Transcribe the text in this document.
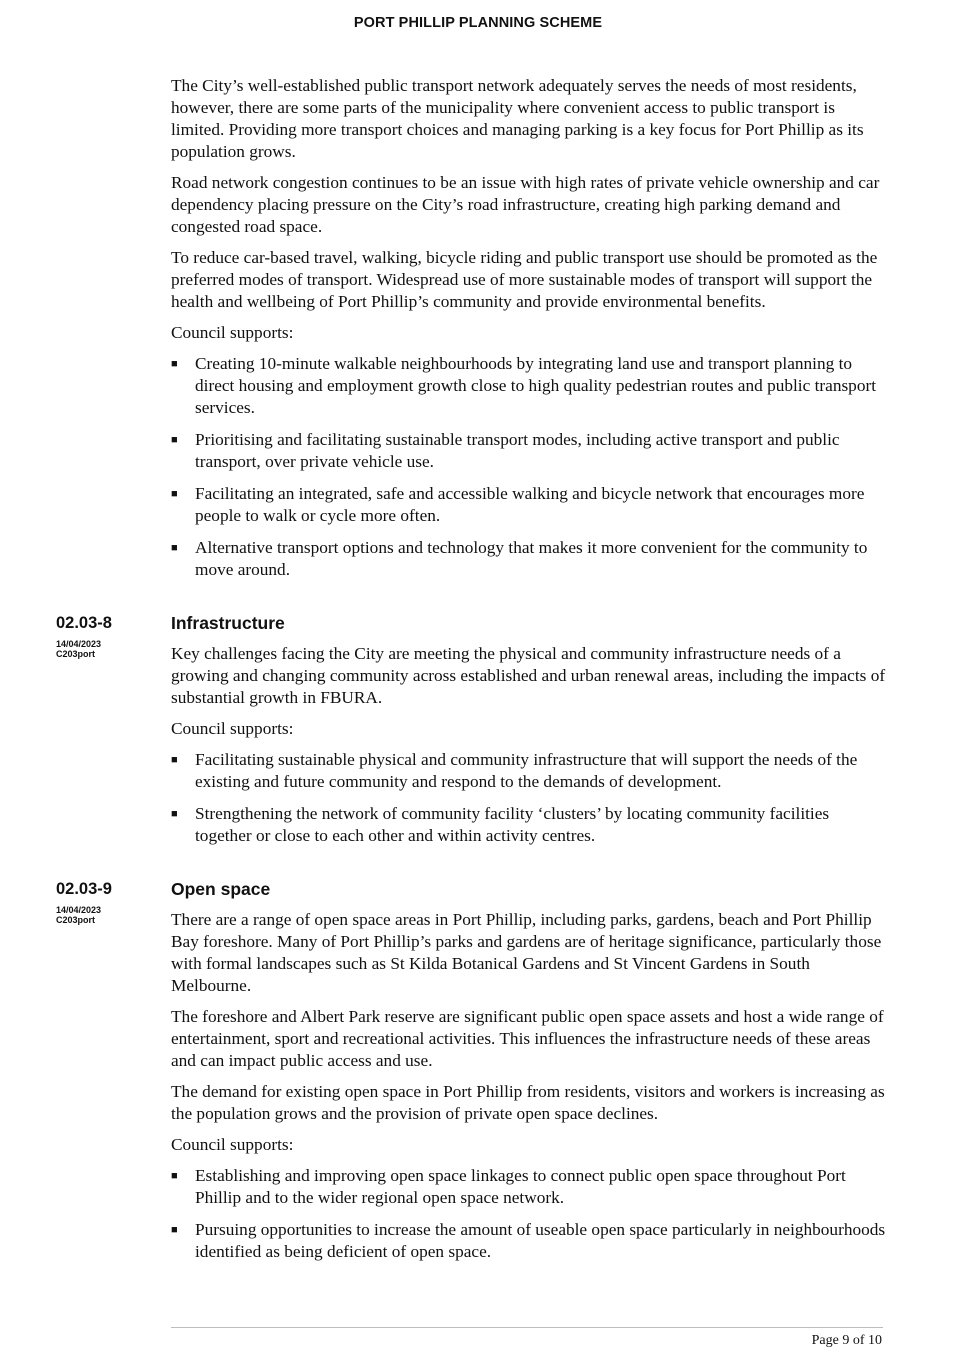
PORT PHILLIP PLANNING SCHEME

The City’s well-established public transport network adequately serves the needs of most residents, however, there are some parts of the municipality where convenient access to public transport is limited. Providing more transport choices and managing parking is a key focus for Port Phillip as its population grows.

Road network congestion continues to be an issue with high rates of private vehicle ownership and car dependency placing pressure on the City’s road infrastructure, creating high parking demand and congested road space.

To reduce car-based travel, walking, bicycle riding and public transport use should be promoted as the preferred modes of transport. Widespread use of more sustainable modes of transport will support the health and wellbeing of Port Phillip’s community and provide environmental benefits.

Council supports:

■ Creating 10-minute walkable neighbourhoods by integrating land use and transport planning to direct housing and employment growth close to high quality pedestrian routes and public transport services.
■ Prioritising and facilitating sustainable transport modes, including active transport and public transport, over private vehicle use.
■ Facilitating an integrated, safe and accessible walking and bicycle network that encourages more people to walk or cycle more often.
■ Alternative transport options and technology that makes it more convenient for the community to move around.
02.03-8
14/04/2023
C203port
Infrastructure

Key challenges facing the City are meeting the physical and community infrastructure needs of a growing and changing community across established and urban renewal areas, including the impacts of substantial growth in FBURA.

Council supports:

■ Facilitating sustainable physical and community infrastructure that will support the needs of the existing and future community and respond to the demands of development.
■ Strengthening the network of community facility ‘clusters’ by locating community facilities together or close to each other and within activity centres.
02.03-9
14/04/2023
C203port
Open space

There are a range of open space areas in Port Phillip, including parks, gardens, beach and Port Phillip Bay foreshore. Many of Port Phillip’s parks and gardens are of heritage significance, particularly those with formal landscapes such as St Kilda Botanical Gardens and St Vincent Gardens in South Melbourne.

The foreshore and Albert Park reserve are significant public open space assets and host a wide range of entertainment, sport and recreational activities. This influences the infrastructure needs of these areas and can impact public access and use.

The demand for existing open space in Port Phillip from residents, visitors and workers is increasing as the population grows and the provision of private open space declines.

Council supports:

■ Establishing and improving open space linkages to connect public open space throughout Port Phillip and to the wider regional open space network.
■ Pursuing opportunities to increase the amount of useable open space particularly in neighbourhoods identified as being deficient of open space.
Page 9 of 10
